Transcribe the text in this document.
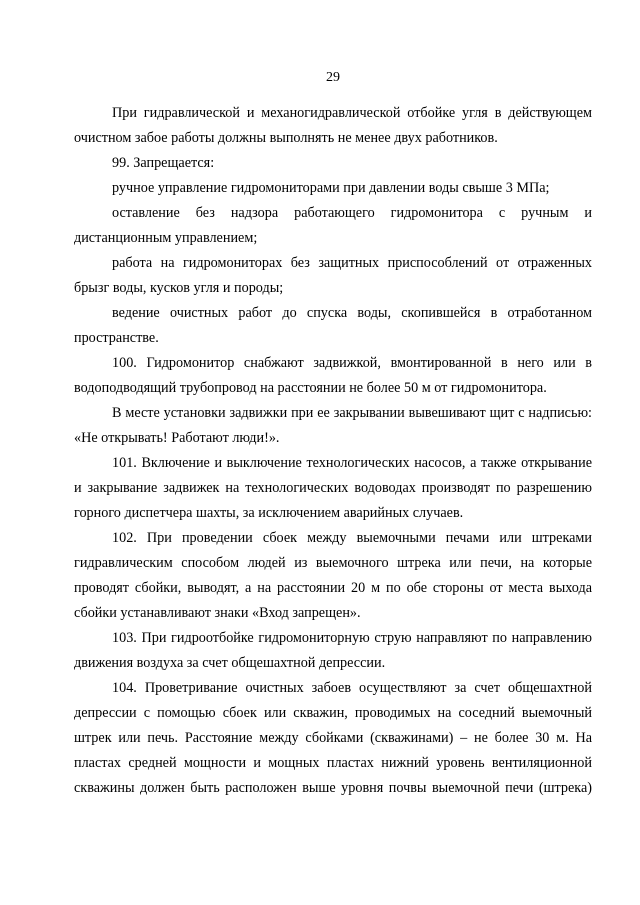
29

При гидравлической и механогидравлической отбойке угля в действующем очистном забое работы должны выполнять не менее двух работников.

99. Запрещается:

ручное управление гидромониторами при давлении воды свыше 3 МПа;

оставление без надзора работающего гидромонитора с ручным и дистанционным управлением;

работа на гидромониторах без защитных приспособлений от отраженных брызг воды, кусков угля и породы;

ведение очистных работ до спуска воды, скопившейся в отработанном пространстве.

100. Гидромонитор снабжают задвижкой, вмонтированной в него или в водоподводящий трубопровод на расстоянии не более 50 м от гидромонитора.

В месте установки задвижки при ее закрывании вывешивают щит с надписью: «Не открывать! Работают люди!».

101. Включение и выключение технологических насосов, а также открывание и закрывание задвижек на технологических водоводах производят по разрешению горного диспетчера шахты, за исключением аварийных случаев.

102. При проведении сбоек между выемочными печами или штреками гидравлическим способом людей из выемочного штрека или печи, на которые проводят сбойки, выводят, а на расстоянии 20 м по обе стороны от места выхода сбойки устанавливают знаки «Вход запрещен».

103. При гидроотбойке гидромониторную струю направляют по направлению движения воздуха за счет общешахтной депрессии.

104. Проветривание очистных забоев осуществляют за счет общешахтной депрессии с помощью сбоек или скважин, проводимых на соседний выемочный штрек или печь. Расстояние между сбойками (скважинами) – не более 30 м. На пластах средней мощности и мощных пластах нижний уровень вентиляционной скважины должен быть расположен выше уровня почвы выемочной печи (штрека)
